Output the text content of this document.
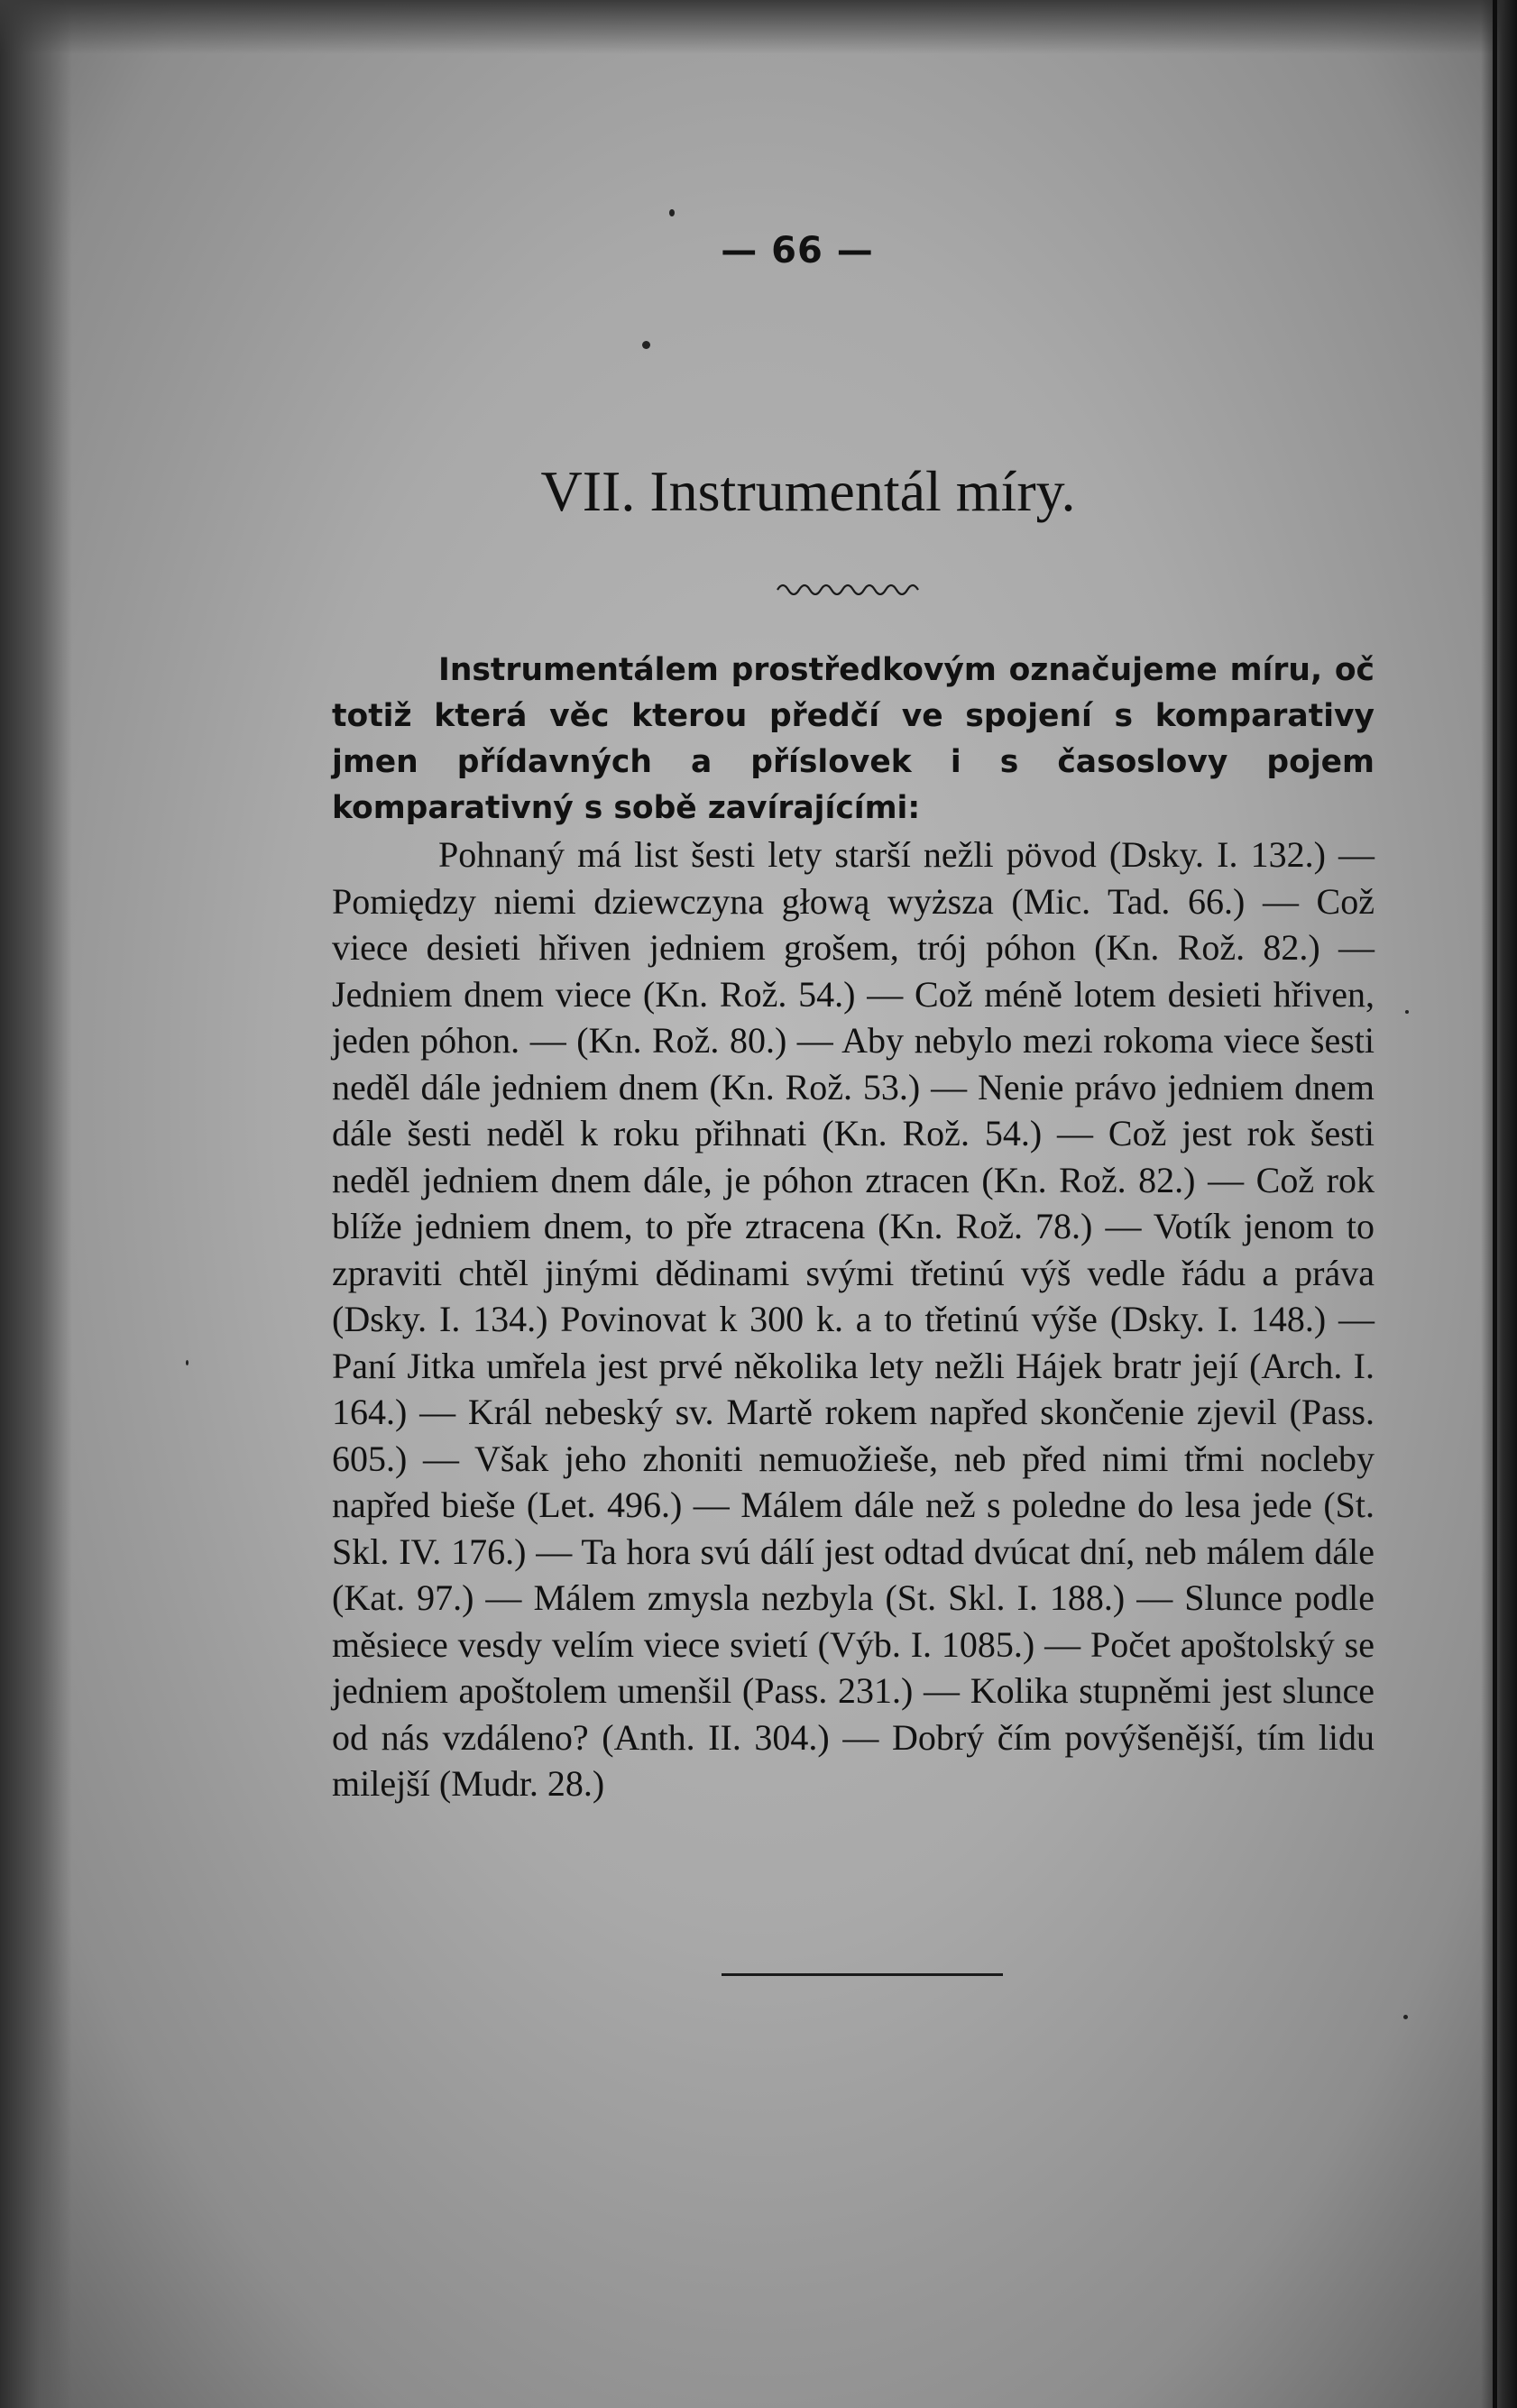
— 66 —
VII. Instrumentál míry.

Instrumentálem prostředkovým označujeme míru, oč totiž která věc kterou předčí ve spojení s komparativy jmen přídavných a příslovek i s časoslovy pojem komparativný s sobě zavírajícími:

Pohnaný má list šesti lety starší nežli pövod (Dsky. I. 132.) — Pomiędzy niemi dziewczyna głową wyższa (Mic. Tad. 66.) — Což viece desieti hřiven jedniem grošem, trój póhon (Kn. Rož. 82.) — Jedniem dnem viece (Kn. Rož. 54.) — Což méně lotem desieti hřiven, jeden póhon. — (Kn. Rož. 80.) — Aby nebylo mezi rokoma viece šesti neděl dále jedniem dnem (Kn. Rož. 53.) — Nenie právo jedniem dnem dále šesti neděl k roku přihnati (Kn. Rož. 54.) — Což jest rok šesti neděl jedniem dnem dále, je póhon ztracen (Kn. Rož. 82.) — Což rok blíže jedniem dnem, to pře ztracena (Kn. Rož. 78.) — Votík jenom to zpraviti chtěl jinými dědinami svými třetinú výš vedle řádu a práva (Dsky. I. 134.) Povinovat k 300 k. a to třetinú výše (Dsky. I. 148.) — Paní Jitka umřela jest prvé několika lety nežli Hájek bratr její (Arch. I. 164.) — Král nebeský sv. Martě rokem napřed skončenie zjevil (Pass. 605.) — Však jeho zhoniti nemuožieše, neb před nimi třmi nocleby napřed bieše (Let. 496.) — Málem dále než s poledne do lesa jede (St. Skl. IV. 176.) — Ta hora svú dálí jest odtad dvúcat dní, neb málem dále (Kat. 97.) — Málem zmysla nezbyla (St. Skl. I. 188.) — Slunce podle měsiece vesdy velím viece svietí (Výb. I. 1085.) — Počet apoštolský se jedniem apoštolem umenšil (Pass. 231.) — Kolika stupněmi jest slunce od nás vzdáleno? (Anth. II. 304.) — Dobrý čím povýšenější, tím lidu milejší (Mudr. 28.)
